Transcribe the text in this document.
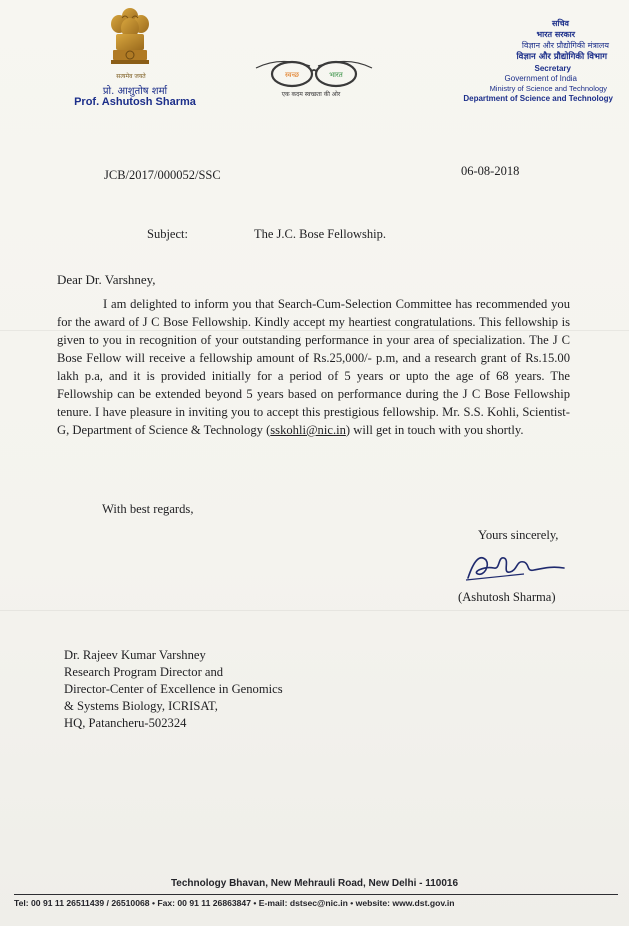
सत्यमेव जयते
प्रो. आशुतोष शर्मा
Prof. Ashutosh Sharma
स्वच्छ	भारत
एक कदम स्वच्छता की ओर
सचिव
भारत सरकार
विज्ञान और प्रौद्योगिकी मंत्रालय
विज्ञान और प्रौद्योगिकी विभाग
Secretary
Government of India
Ministry of Science and Technology
Department of Science and Technology
JCB/2017/000052/SSC	06-08-2018
Subject:	The J.C. Bose Fellowship.
Dear Dr. Varshney,

I am delighted to inform you that Search-Cum-Selection Committee has recommended you for the award of J C Bose Fellowship. Kindly accept my heartiest congratulations. This fellowship is given to you in recognition of your outstanding performance in your area of specialization. The J C Bose Fellow will receive a fellowship amount of Rs.25,000/- p.m, and a research grant of Rs.15.00 lakh p.a, and it is provided initially for a period of 5 years or upto the age of 68 years. The Fellowship can be extended beyond 5 years based on performance during the J C Bose Fellowship tenure. I have pleasure in inviting you to accept this prestigious fellowship. Mr. S.S. Kohli, Scientist-G, Department of Science & Technology (sskohli@nic.in) will get in touch with you shortly.

With best regards,
Yours sincerely,
(Ashutosh Sharma)
Dr. Rajeev Kumar Varshney
Research Program Director and
Director-Center of Excellence in Genomics
& Systems Biology, ICRISAT,
HQ, Patancheru-502324
Technology Bhavan, New Mehrauli Road, New Delhi - 110016
Tel: 00 91 11 26511439 / 26510068 • Fax: 00 91 11 26863847 • E-mail: dstsec@nic.in • website: www.dst.gov.in
